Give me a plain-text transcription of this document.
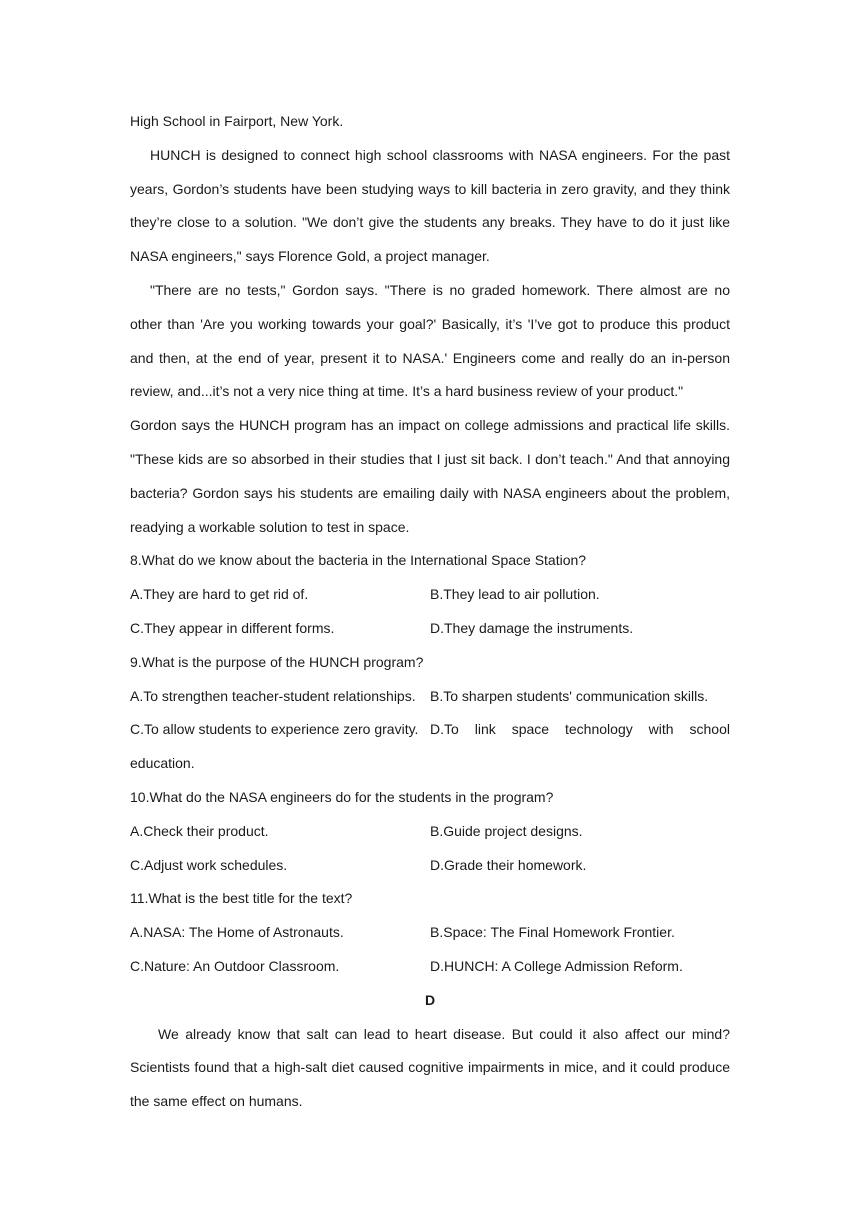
High School in Fairport, New York.
HUNCH is designed to connect high school classrooms with NASA engineers. For the past
years, Gordon’s students have been studying ways to kill bacteria in zero gravity, and they think
they’re close to a solution. "We don’t give the students any breaks. They have to do it just like
NASA engineers," says Florence Gold, a project manager.
"There are no tests," Gordon says. "There is no graded homework. There almost are no
other than 'Are you working towards your goal?' Basically, it’s 'I’ve got to produce this product
and then, at the end of year, present it to NASA.' Engineers come and really do an in-person
review, and...it’s not a very nice thing at time. It’s a hard business review of your product."
Gordon says the HUNCH program has an impact on college admissions and practical life skills.
"These kids are so absorbed in their studies that I just sit back. I don’t teach." And that annoying
bacteria? Gordon says his students are emailing daily with NASA engineers about the problem,
readying a workable solution to test in space.
8.What do we know about the bacteria in the International Space Station?
A.They are hard to get rid of.	B.They lead to air pollution.
C.They appear in different forms.	D.They damage the instruments.
9.What is the purpose of the HUNCH program?
A.To strengthen teacher-student relationships.	B.To sharpen students' communication skills.
C.To allow students to experience zero gravity. D.To link space technology with school
education.
10.What do the NASA engineers do for the students in the program?
A.Check their product.	B.Guide project designs.
C.Adjust work schedules.	D.Grade their homework.
11.What is the best title for the text?
A.NASA: The Home of Astronauts.	B.Space: The Final Homework Frontier.
C.Nature: An Outdoor Classroom.	D.HUNCH: A College Admission Reform.
D
We already know that salt can lead to heart disease. But could it also affect our mind?
Scientists found that a high-salt diet caused cognitive impairments in mice, and it could produce
the same effect on humans.
